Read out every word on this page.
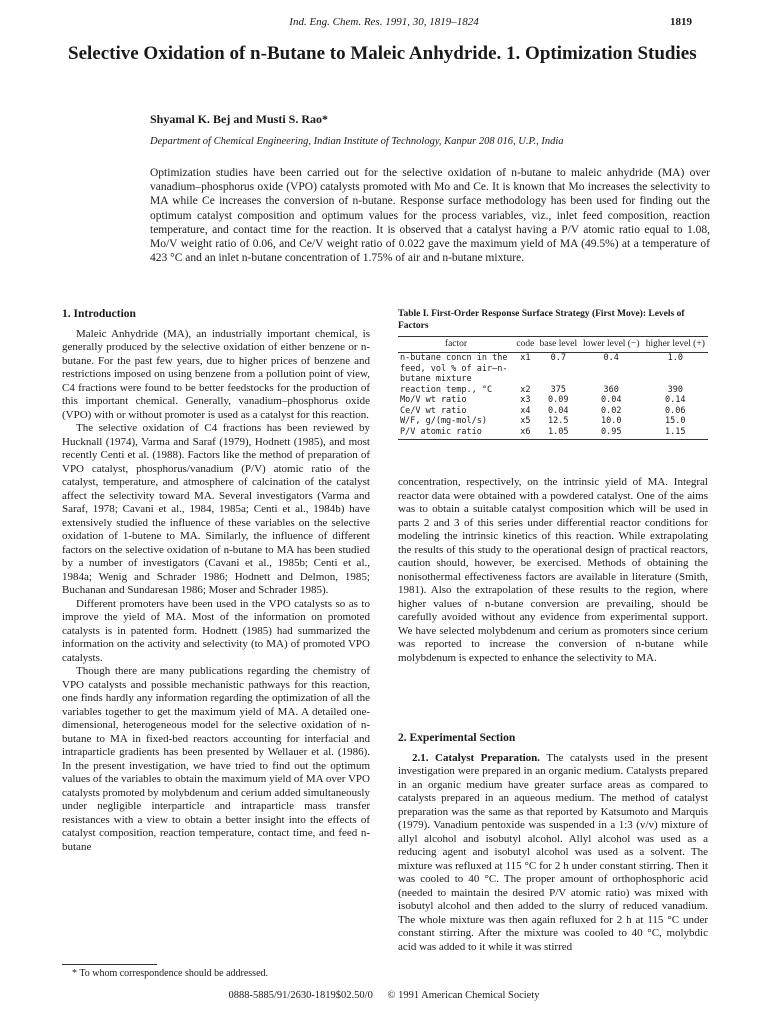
Ind. Eng. Chem. Res. 1991, 30, 1819–1824	1819
Selective Oxidation of n-Butane to Maleic Anhydride. 1. Optimization Studies
Shyamal K. Bej and Musti S. Rao*
Department of Chemical Engineering, Indian Institute of Technology, Kanpur 208 016, U.P., India

Optimization studies have been carried out for the selective oxidation of n-butane to maleic anhydride (MA) over vanadium–phosphorus oxide (VPO) catalysts promoted with Mo and Ce. It is known that Mo increases the selectivity to MA while Ce increases the conversion of n-butane. Response surface methodology has been used for finding out the optimum catalyst composition and optimum values for the process variables, viz., inlet feed composition, reaction temperature, and contact time for the reaction. It is observed that a catalyst having a P/V atomic ratio equal to 1.08, Mo/V weight ratio of 0.06, and Ce/V weight ratio of 0.022 gave the maximum yield of MA (49.5%) at a temperature of 423 °C and an inlet n-butane concentration of 1.75% of air and n-butane mixture.

1. Introduction

Maleic Anhydride (MA), an industrially important chemical, is generally produced by the selective oxidation of either benzene or n-butane. For the past few years, due to higher prices of benzene and restrictions imposed on using benzene from a pollution point of view, C4 fractions were found to be better feedstocks for the production of this important chemical. Generally, vanadium–phosphorus oxide (VPO) with or without promoter is used as a catalyst for this reaction.

The selective oxidation of C4 fractions has been reviewed by Hucknall (1974), Varma and Saraf (1979), Hodnett (1985), and most recently Centi et al. (1988). Factors like the method of preparation of VPO catalyst, phosphorus/vanadium (P/V) atomic ratio of the catalyst, temperature, and atmosphere of calcination of the catalyst affect the selectivity toward MA. Several investigators (Varma and Saraf, 1978; Cavani et al., 1984, 1985a; Centi et al., 1984b) have extensively studied the influence of these variables on the selective oxidation of 1-butene to MA. Similarly, the influence of different factors on the selective oxidation of n-butane to MA has been studied by a number of investigators (Cavani et al., 1985b; Centi et al., 1984a; Wenig and Schrader 1986; Hodnett and Delmon, 1985; Buchanan and Sundaresan 1986; Moser and Schrader 1985).

Different promoters have been used in the VPO catalysts so as to improve the yield of MA. Most of the information on promoted catalysts is in patented form. Hodnett (1985) had summarized the information on the activity and selectivity (to MA) of promoted VPO catalysts.

Though there are many publications regarding the chemistry of VPO catalysts and possible mechanistic pathways for this reaction, one finds hardly any information regarding the optimization of all the variables together to get the maximum yield of MA. A detailed one-dimensional, heterogeneous model for the selective oxidation of n-butane to MA in fixed-bed reactors accounting for interfacial and intraparticle gradients has been presented by Wellauer et al. (1986). In the present investigation, we have tried to find out the optimum values of the variables to obtain the maximum yield of MA over VPO catalysts promoted by molybdenum and cerium added simultaneously under negligible interparticle and intraparticle mass transfer resistances with a view to obtain a better insight into the effects of catalyst composition, reaction temperature, contact time, and feed n-butane

Table I. First-Order Response Surface Strategy (First Move): Levels of Factors
factor	code	base level	lower level (−)	higher level (+)
n-butane concn in the feed, vol % of air–n-butane mixture	x1	0.7	0.4	1.0
reaction temp., °C	x2	375	360	390
Mo/V wt ratio	x3	0.09	0.04	0.14
Ce/V wt ratio	x4	0.04	0.02	0.06
W/F, g/(mg-mol/s)	x5	12.5	10.0	15.0
P/V atomic ratio	x6	1.05	0.95	1.15

concentration, respectively, on the intrinsic yield of MA. Integral reactor data were obtained with a powdered catalyst. One of the aims was to obtain a suitable catalyst composition which will be used in parts 2 and 3 of this series under differential reactor conditions for modeling the intrinsic kinetics of this reaction. While extrapolating the results of this study to the operational design of practical reactors, caution should, however, be exercised. Methods of obtaining the nonisothermal effectiveness factors are available in literature (Smith, 1981). Also the extrapolation of these results to the region, where higher values of n-butane conversion are prevailing, should be carefully avoided without any evidence from experimental support. We have selected molybdenum and cerium as promoters since cerium was reported to increase the conversion of n-butane while molybdenum is expected to enhance the selectivity to MA.

2. Experimental Section

2.1. Catalyst Preparation. The catalysts used in the present investigation were prepared in an organic medium. Catalysts prepared in an organic medium have greater surface areas as compared to catalysts prepared in an aqueous medium. The method of catalyst preparation was the same as that reported by Katsumoto and Marquis (1979). Vanadium pentoxide was suspended in a 1:3 (v/v) mixture of allyl alcohol and isobutyl alcohol. Allyl alcohol was used as a reducing agent and isobutyl alcohol was used as a solvent. The mixture was refluxed at 115 °C for 2 h under constant stirring. Then it was cooled to 40 °C. The proper amount of orthophosphoric acid (needed to maintain the desired P/V atomic ratio) was mixed with isobutyl alcohol and then added to the slurry of reduced vanadium. The whole mixture was then again refluxed for 2 h at 115 °C under constant stirring. After the mixture was cooled to 40 °C, molybdic acid was added to it while it was stirred

* To whom correspondence should be addressed.
0888-5885/91/2630-1819$02.50/0 © 1991 American Chemical Society
